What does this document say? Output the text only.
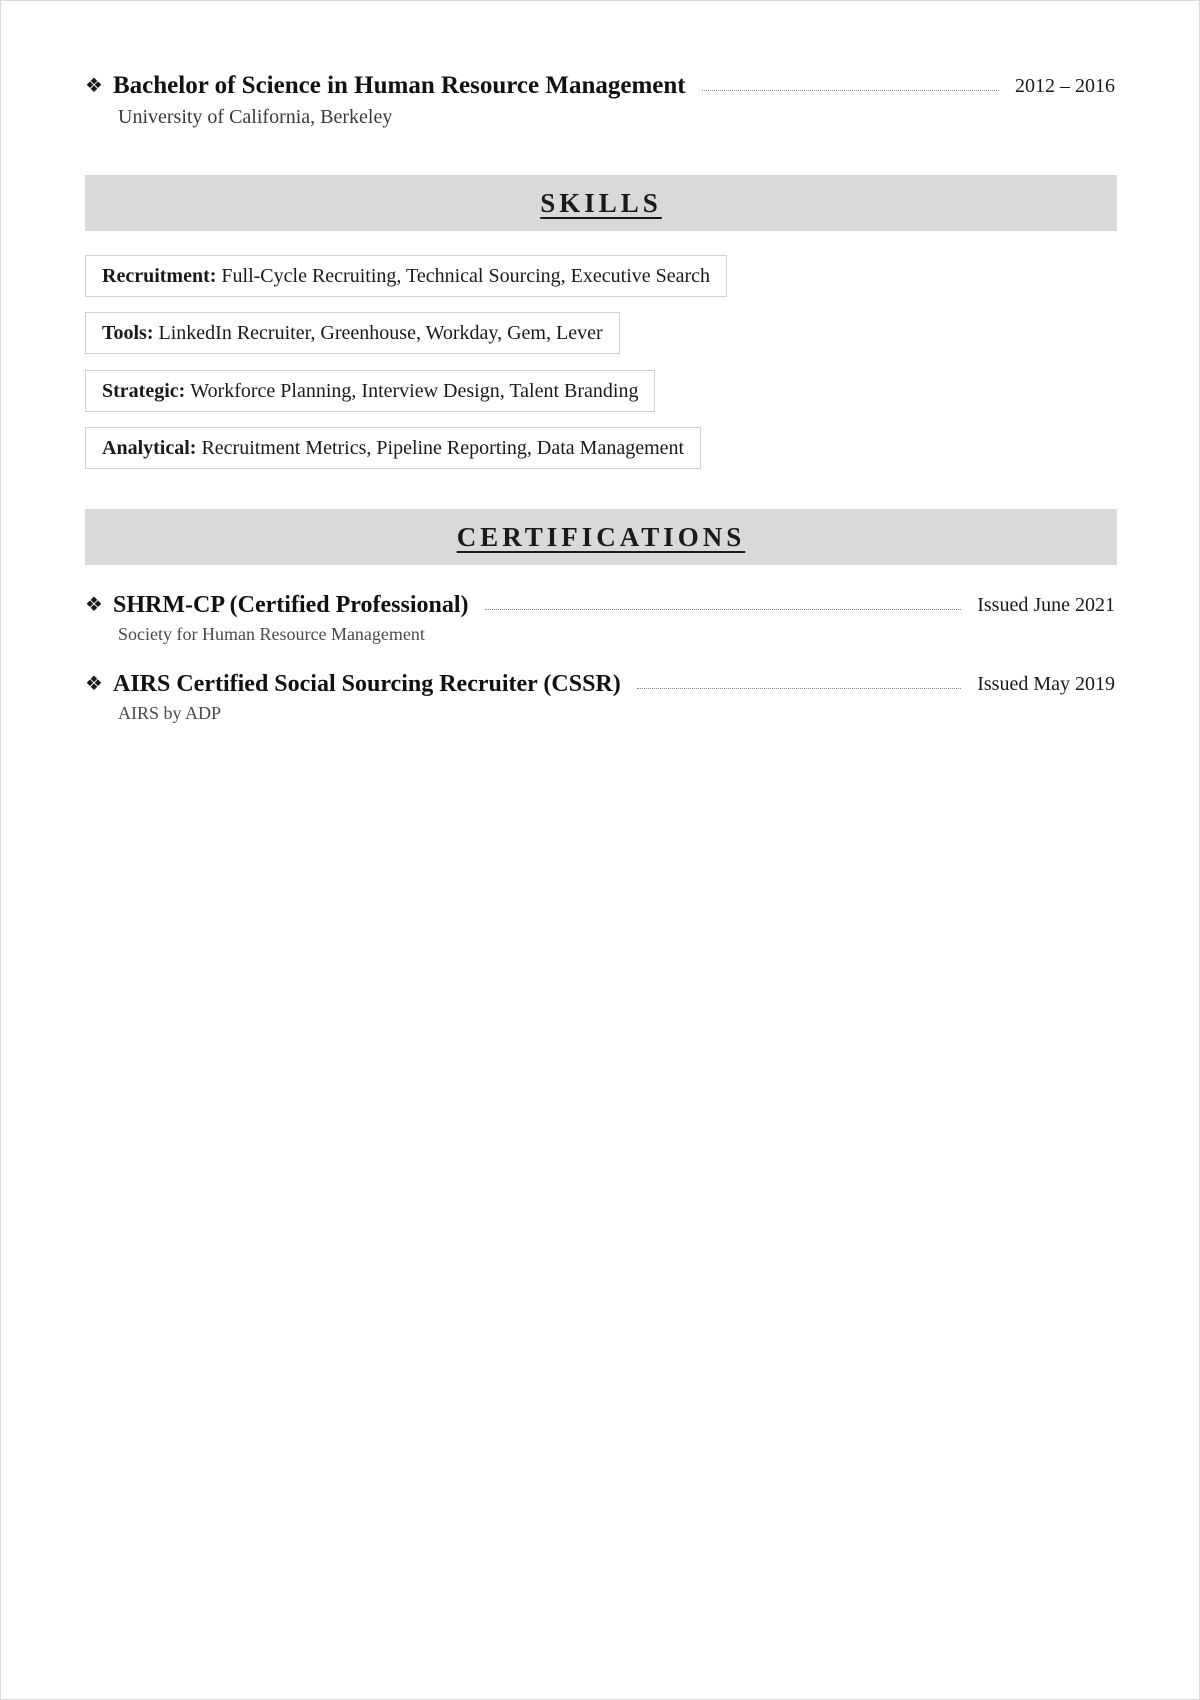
❖ Bachelor of Science in Human Resource Management	2012 – 2016
University of California, Berkeley
SKILLS
Recruitment: Full-Cycle Recruiting, Technical Sourcing, Executive Search
Tools: LinkedIn Recruiter, Greenhouse, Workday, Gem, Lever
Strategic: Workforce Planning, Interview Design, Talent Branding
Analytical: Recruitment Metrics, Pipeline Reporting, Data Management
CERTIFICATIONS
❖ SHRM-CP (Certified Professional)	Issued June 2021
Society for Human Resource Management
❖ AIRS Certified Social Sourcing Recruiter (CSSR)	Issued May 2019
AIRS by ADP
